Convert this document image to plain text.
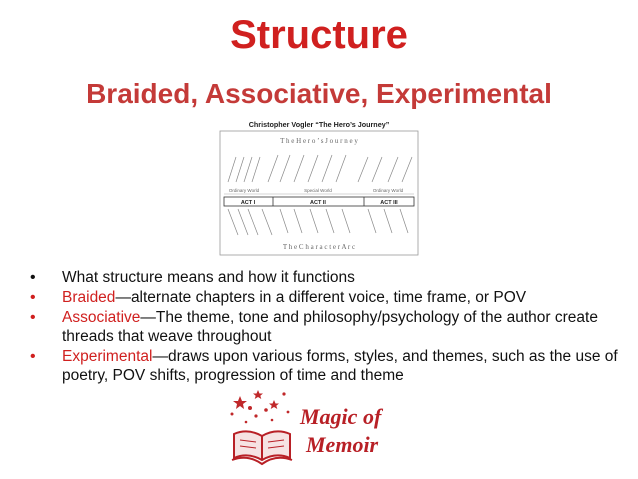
Structure
Braided, Associative, Experimental
Christopher Vogler “The Hero’s Journey”
T h e H e r o ’ s J o u r n e y
Ordinary World	Special World	Ordinary World
ACT I	ACT II	ACT III
T h e C h a r a c t e r A r c
• What structure means and how it functions
• Braided—alternate chapters in a different voice, time frame, or POV
• Associative—The theme, tone and philosophy/psychology of the author create threads that weave throughout
• Experimental—draws upon various forms, styles, and themes, such as the use of poetry, POV shifts, progression of time and theme
Magic of
Memoir
